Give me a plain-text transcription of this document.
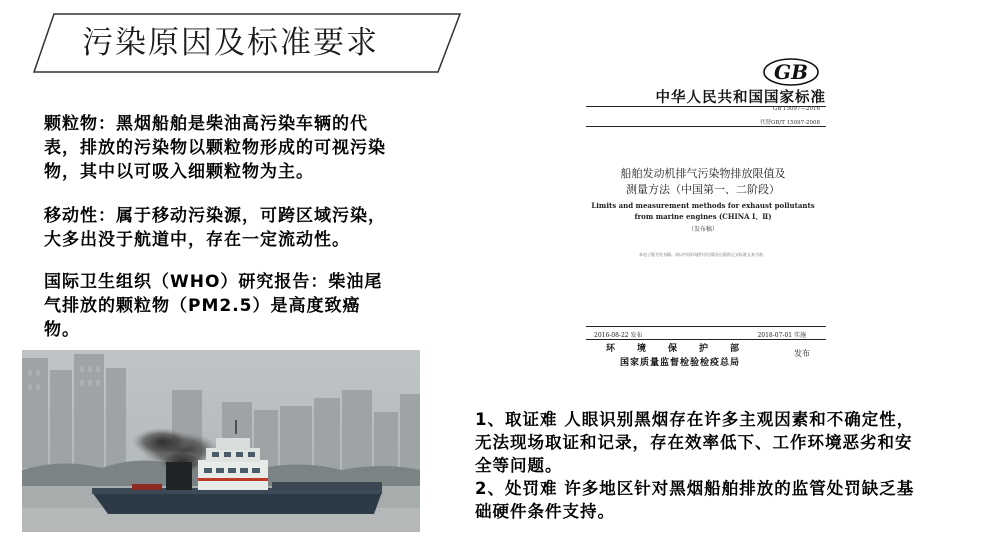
污染原因及标准要求

颗粒物：黑烟船舶是柴油高污染车辆的代表，排放的污染物以颗粒物形成的可视污染物，其中以可吸入细颗粒物为主。

移动性：属于移动污染源，可跨区域污染，大多出没于航道中，存在一定流动性。

国际卫生组织（WHO）研究报告：柴油尾气排放的颗粒物（PM2.5）是高度致癌物。

GB
中华人民共和国国家标准
GB 15097—2016
代替GB/T 15097-2008
船舶发动机排气污染物排放限值及
测量方法（中国第一、二阶段）
Limits and measurement methods for exhaust pollutants
from marine engines (CHINA Ⅰ、Ⅱ)
（发布稿）
本电子版为发布稿。请以中国环境科学出版社出版的正式标准文本为准。
2016-08-22 发布	2018-07-01 实施
环境保护部
国家质量监督检验检疫总局
发布

1、取证难 人眼识别黑烟存在许多主观因素和不确定性，无法现场取证和记录，存在效率低下、工作环境恶劣和安全等问题。

2、处罚难 许多地区针对黑烟船舶排放的监管处罚缺乏基础硬件条件支持。
